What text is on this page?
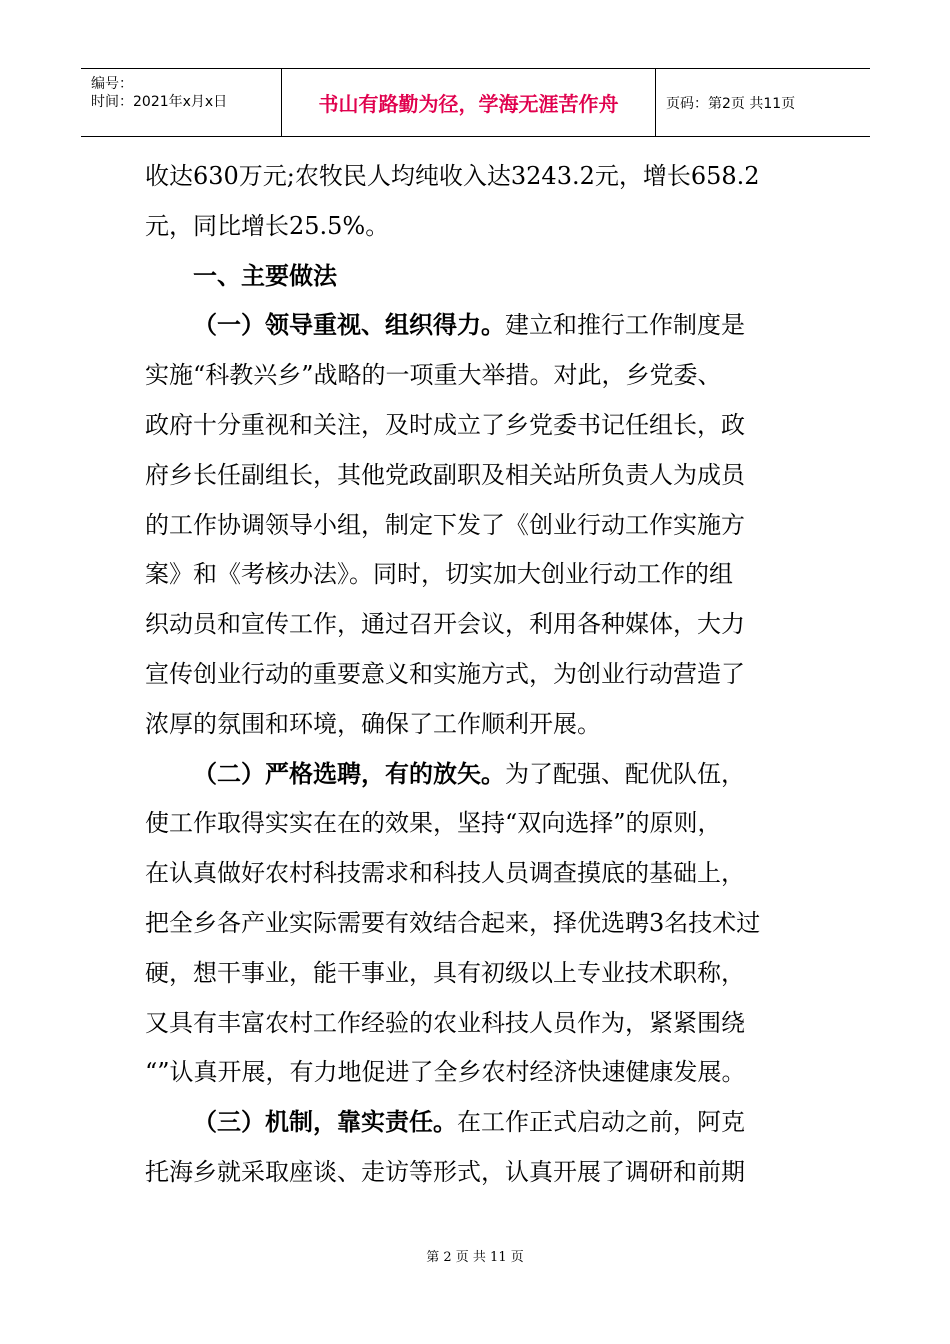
编号：
时间：2021年x月x日	书山有路勤为径，学海无涯苦作舟	页码：第2页 共11页
收达630万元;农牧民人均纯收入达3243.2元，增长658.2
元，同比增长25.5%。
一、主要做法
（一）领导重视、组织得力。建立和推行工作制度是
实施“科教兴乡”战略的一项重大举措。对此，乡党委、
政府十分重视和关注，及时成立了乡党委书记任组长，政
府乡长任副组长，其他党政副职及相关站所负责人为成员
的工作协调领导小组，制定下发了《创业行动工作实施方
案》和《考核办法》。同时，切实加大创业行动工作的组
织动员和宣传工作，通过召开会议，利用各种媒体，大力
宣传创业行动的重要意义和实施方式，为创业行动营造了
浓厚的氛围和环境，确保了工作顺利开展。
（二）严格选聘，有的放矢。为了配强、配优队伍，
使工作取得实实在在的效果，坚持“双向选择”的原则，
在认真做好农村科技需求和科技人员调查摸底的基础上，
把全乡各产业实际需要有效结合起来，择优选聘3名技术过
硬，想干事业，能干事业，具有初级以上专业技术职称，
又具有丰富农村工作经验的农业科技人员作为，紧紧围绕
“”认真开展，有力地促进了全乡农村经济快速健康发展。
（三）机制，靠实责任。在工作正式启动之前，阿克
托海乡就采取座谈、走访等形式，认真开展了调研和前期
第 2 页 共 11 页
